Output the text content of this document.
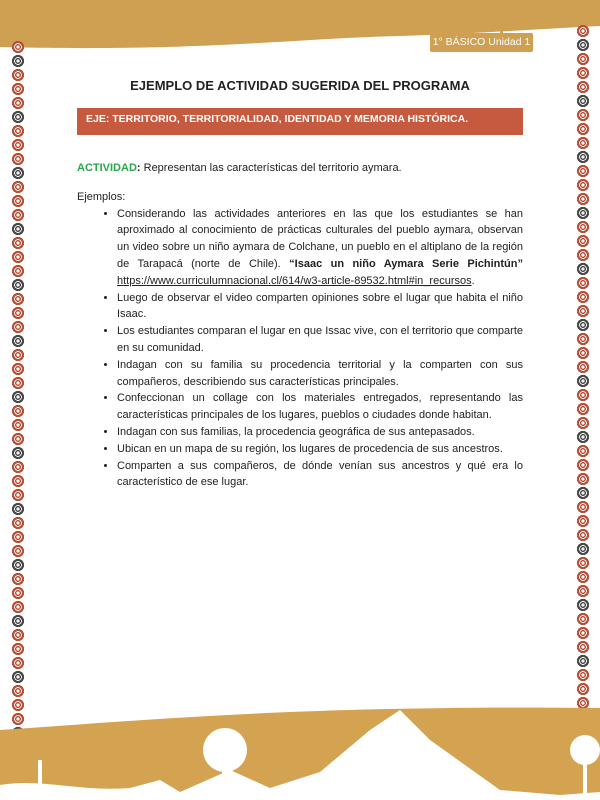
1° BÁSICO Unidad 1
EJEMPLO DE ACTIVIDAD SUGERIDA DEL PROGRAMA
EJE: TERRITORIO, TERRITORIALIDAD, IDENTIDAD Y MEMORIA HISTÓRICA.
ACTIVIDAD: Representan las características del territorio aymara.
Ejemplos:
• Considerando las actividades anteriores en las que los estudiantes se han aproximado al conocimiento de prácticas culturales del pueblo aymara, observan un video sobre un niño aymara de Colchane, un pueblo en el altiplano de la región de Tarapacá (norte de Chile). “Isaac un niño Aymara Serie Pichintún” https://www.curriculumnacional.cl/614/w3-article-89532.html#in_recursos.
• Luego de observar el video comparten opiniones sobre el lugar que habita el niño Isaac.
• Los estudiantes comparan el lugar en que Issac vive, con el territorio que comparte en su comunidad.
• Indagan con su familia su procedencia territorial y la comparten con sus compañeros, describiendo sus características principales.
• Confeccionan un collage con los materiales entregados, representando las características principales de los lugares, pueblos o ciudades donde habitan.
• Indagan con sus familias, la procedencia geográfica de sus antepasados.
• Ubican en un mapa de su región, los lugares de procedencia de sus ancestros.
• Comparten a sus compañeros, de dónde venían sus ancestros y qué era lo característico de ese lugar.
